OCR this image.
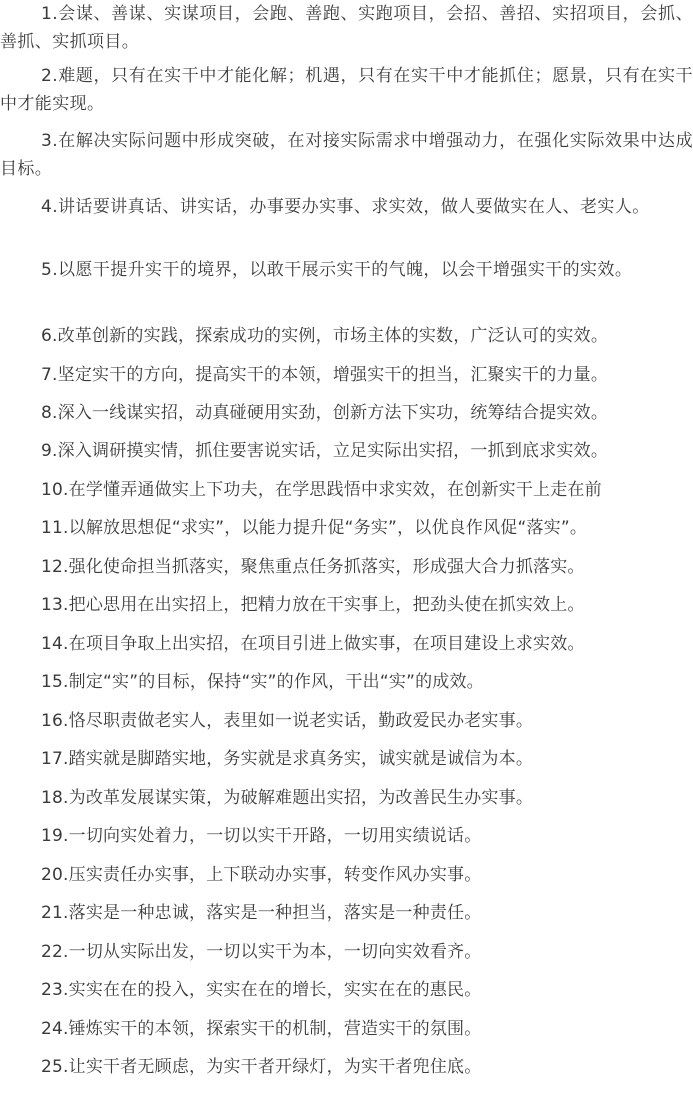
1.会谋、善谋、实谋项目，会跑、善跑、实跑项目，会招、善招、实招项目，会抓、善抓、实抓项目。

2.难题，只有在实干中才能化解；机遇，只有在实干中才能抓住；愿景，只有在实干中才能实现。

3.在解决实际问题中形成突破，在对接实际需求中增强动力，在强化实际效果中达成目标。

4.讲话要讲真话、讲实话，办事要办实事、求实效，做人要做实在人、老实人。

5.以愿干提升实干的境界，以敢干展示实干的气魄，以会干增强实干的实效。

6.改革创新的实践，探索成功的实例，市场主体的实数，广泛认可的实效。

7.坚定实干的方向，提高实干的本领，增强实干的担当，汇聚实干的力量。

8.深入一线谋实招，动真碰硬用实劲，创新方法下实功，统筹结合提实效。

9.深入调研摸实情，抓住要害说实话，立足实际出实招，一抓到底求实效。

10.在学懂弄通做实上下功夫，在学思践悟中求实效，在创新实干上走在前

11.以解放思想促“求实”，以能力提升促“务实”，以优良作风促“落实”。

12.强化使命担当抓落实，聚焦重点任务抓落实，形成强大合力抓落实。

13.把心思用在出实招上，把精力放在干实事上，把劲头使在抓实效上。

14.在项目争取上出实招，在项目引进上做实事，在项目建设上求实效。

15.制定“实”的目标，保持“实”的作风，干出“实”的成效。

16.恪尽职责做老实人，表里如一说老实话，勤政爱民办老实事。

17.踏实就是脚踏实地，务实就是求真务实，诚实就是诚信为本。

18.为改革发展谋实策，为破解难题出实招，为改善民生办实事。

19.一切向实处着力，一切以实干开路，一切用实绩说话。

20.压实责任办实事，上下联动办实事，转变作风办实事。

21.落实是一种忠诚，落实是一种担当，落实是一种责任。

22.一切从实际出发，一切以实干为本，一切向实效看齐。

23.实实在在的投入，实实在在的增长，实实在在的惠民。

24.锤炼实干的本领，探索实干的机制，营造实干的氛围。

25.让实干者无顾虑，为实干者开绿灯，为实干者兜住底。
